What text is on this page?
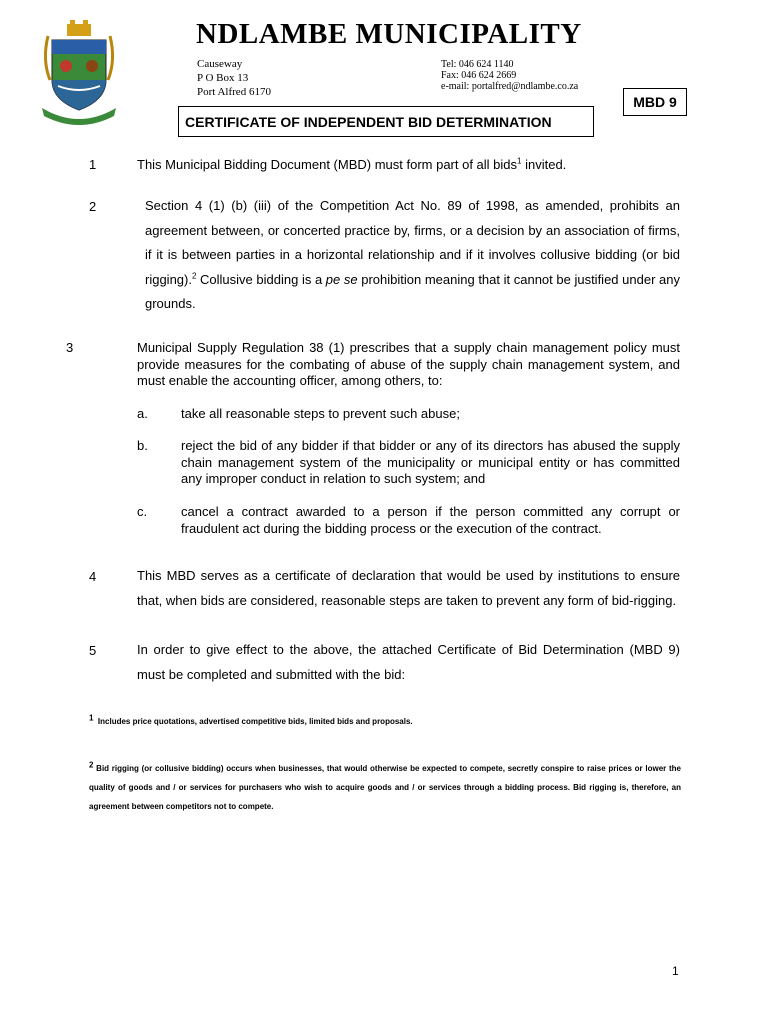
NDLAMBE MUNICIPALITY
Causeway
P O Box 13
Port Alfred 6170
Tel: 046 624 1140
Fax: 046 624 2669
e-mail: portalfred@ndlambe.co.za
MBD 9
CERTIFICATE OF INDEPENDENT BID DETERMINATION
1	This Municipal Bidding Document (MBD) must form part of all bids$^1$ invited.
2	Section 4 (1) (b) (iii) of the Competition Act No. 89 of 1998, as amended, prohibits an agreement between, or concerted practice by, firms, or a decision by an association of firms, if it is between parties in a horizontal relationship and if it involves collusive bidding (or bid rigging).$^2$ Collusive bidding is a pe se prohibition meaning that it cannot be justified under any grounds.
3	Municipal Supply Regulation 38 (1) prescribes that a supply chain management policy must provide measures for the combating of abuse of the supply chain management system, and must enable the accounting officer, among others, to:
a.	take all reasonable steps to prevent such abuse;
b.	reject the bid of any bidder if that bidder or any of its directors has abused the supply chain management system of the municipality or municipal entity or has committed any improper conduct in relation to such system; and
c.	cancel a contract awarded to a person if the person committed any corrupt or fraudulent act during the bidding process or the execution of the contract.
4	This MBD serves as a certificate of declaration that would be used by institutions to ensure that, when bids are considered, reasonable steps are taken to prevent any form of bid-rigging.
5	In order to give effect to the above, the attached Certificate of Bid Determination (MBD 9) must be completed and submitted with the bid:
$^1$ Includes price quotations, advertised competitive bids, limited bids and proposals.
$^2$ Bid rigging (or collusive bidding) occurs when businesses, that would otherwise be expected to compete, secretly conspire to raise prices or lower the quality of goods and / or services for purchasers who wish to acquire goods and / or services through a bidding process. Bid rigging is, therefore, an agreement between competitors not to compete.
1
